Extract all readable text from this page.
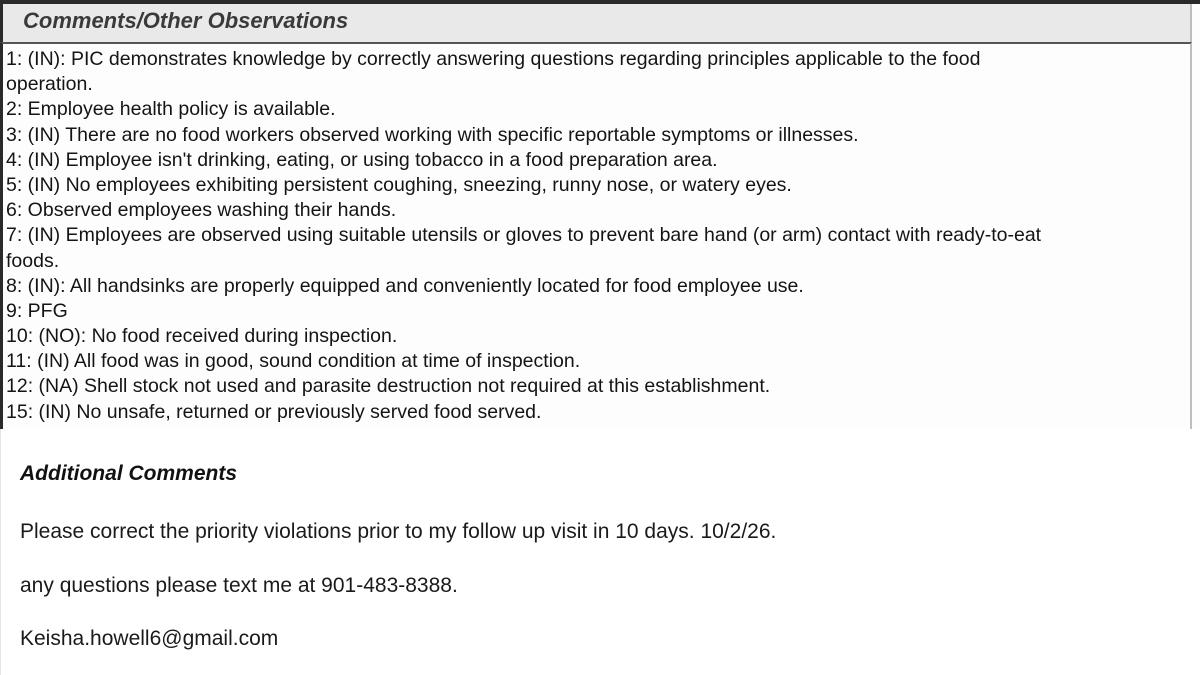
Comments/Other Observations
1: (IN): PIC demonstrates knowledge by correctly answering questions regarding principles applicable to the food
operation.
2: Employee health policy is available.
3: (IN) There are no food workers observed working with specific reportable symptoms or illnesses.
4: (IN) Employee isn't drinking, eating, or using tobacco in a food preparation area.
5: (IN) No employees exhibiting persistent coughing, sneezing, runny nose, or watery eyes.
6: Observed employees washing their hands.
7: (IN) Employees are observed using suitable utensils or gloves to prevent bare hand (or arm) contact with ready-to-eat
foods.
8: (IN): All handsinks are properly equipped and conveniently located for food employee use.
9: PFG
10: (NO): No food received during inspection.
11: (IN) All food was in good, sound condition at time of inspection.
12: (NA) Shell stock not used and parasite destruction not required at this establishment.
15: (IN) No unsafe, returned or previously served food served.
Additional Comments
Please correct the priority violations prior to my follow up visit in 10 days. 10/2/26.
any questions please text me at 901-483-8388.
Keisha.howell6@gmail.com
